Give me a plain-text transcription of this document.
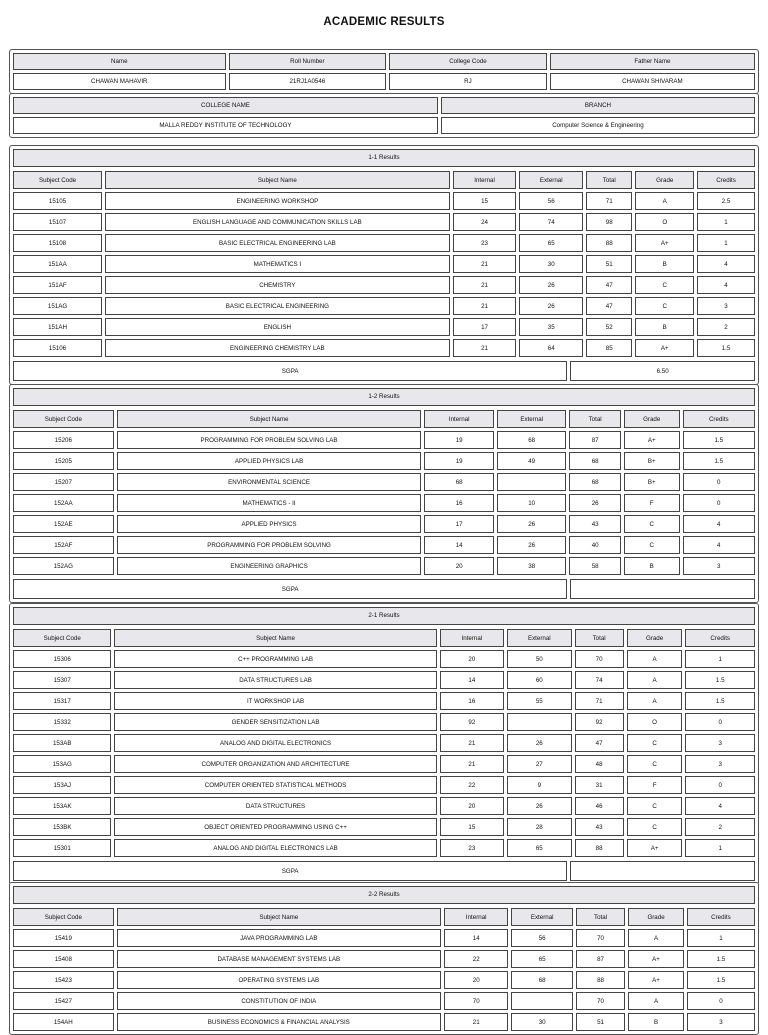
ACADEMIC RESULTS
Name	Roll Number	College Code	Father Name
CHAWAN MAHAVIR	21RJ1A0546	RJ	CHAWAN SHIVARAM
COLLEGE NAME	BRANCH
MALLA REDDY INSTITUTE OF TECHNOLOGY	Computer Science & Engineering
1-1 Results
Subject Code	Subject Name	Internal	External	Total	Grade	Credits
15105	ENGINEERING WORKSHOP	15	56	71	A	2.5
15107	ENGLISH LANGUAGE AND COMMUNICATION SKILLS LAB	24	74	98	O	1
15108	BASIC ELECTRICAL ENGINEERING LAB	23	65	88	A+	1
151AA	MATHEMATICS I	21	30	51	B	4
151AF	CHEMISTRY	21	26	47	C	4
151AG	BASIC ELECTRICAL ENGINEERING	21	26	47	C	3
151AH	ENGLISH	17	35	52	B	2
15106	ENGINEERING CHEMISTRY LAB	21	64	85	A+	1.5
SGPA	6.50
1-2 Results
Subject Code	Subject Name	Internal	External	Total	Grade	Credits
15206	PROGRAMMING FOR PROBLEM SOLVING LAB	19	68	87	A+	1.5
15205	APPLIED PHYSICS LAB	19	49	68	B+	1.5
15207	ENVIRONMENTAL SCIENCE	68		68	B+	0
152AA	MATHEMATICS - II	16	10	26	F	0
152AE	APPLIED PHYSICS	17	26	43	C	4
152AF	PROGRAMMING FOR PROBLEM SOLVING	14	26	40	C	4
152AG	ENGINEERING GRAPHICS	20	38	58	B	3
SGPA	
2-1 Results
Subject Code	Subject Name	Internal	External	Total	Grade	Credits
15306	C++ PROGRAMMING LAB	20	50	70	A	1
15307	DATA STRUCTURES LAB	14	60	74	A	1.5
15317	IT WORKSHOP LAB	16	55	71	A	1.5
15332	GENDER SENSITIZATION LAB	92		92	O	0
153AB	ANALOG AND DIGITAL ELECTRONICS	21	26	47	C	3
153AG	COMPUTER ORGANIZATION AND ARCHITECTURE	21	27	48	C	3
153AJ	COMPUTER ORIENTED STATISTICAL METHODS	22	9	31	F	0
153AK	DATA STRUCTURES	20	26	46	C	4
153BK	OBJECT ORIENTED PROGRAMMING USING C++	15	28	43	C	2
15301	ANALOG AND DIGITAL ELECTRONICS LAB	23	65	88	A+	1
SGPA	
2-2 Results
Subject Code	Subject Name	Internal	External	Total	Grade	Credits
15419	JAVA PROGRAMMING LAB	14	56	70	A	1
15408	DATABASE MANAGEMENT SYSTEMS LAB	22	65	87	A+	1.5
15423	OPERATING SYSTEMS LAB	20	68	88	A+	1.5
15427	CONSTITUTION OF INDIA	70		70	A	0
154AH	BUSINESS ECONOMICS & FINANCIAL ANALYSIS	21	30	51	B	3
